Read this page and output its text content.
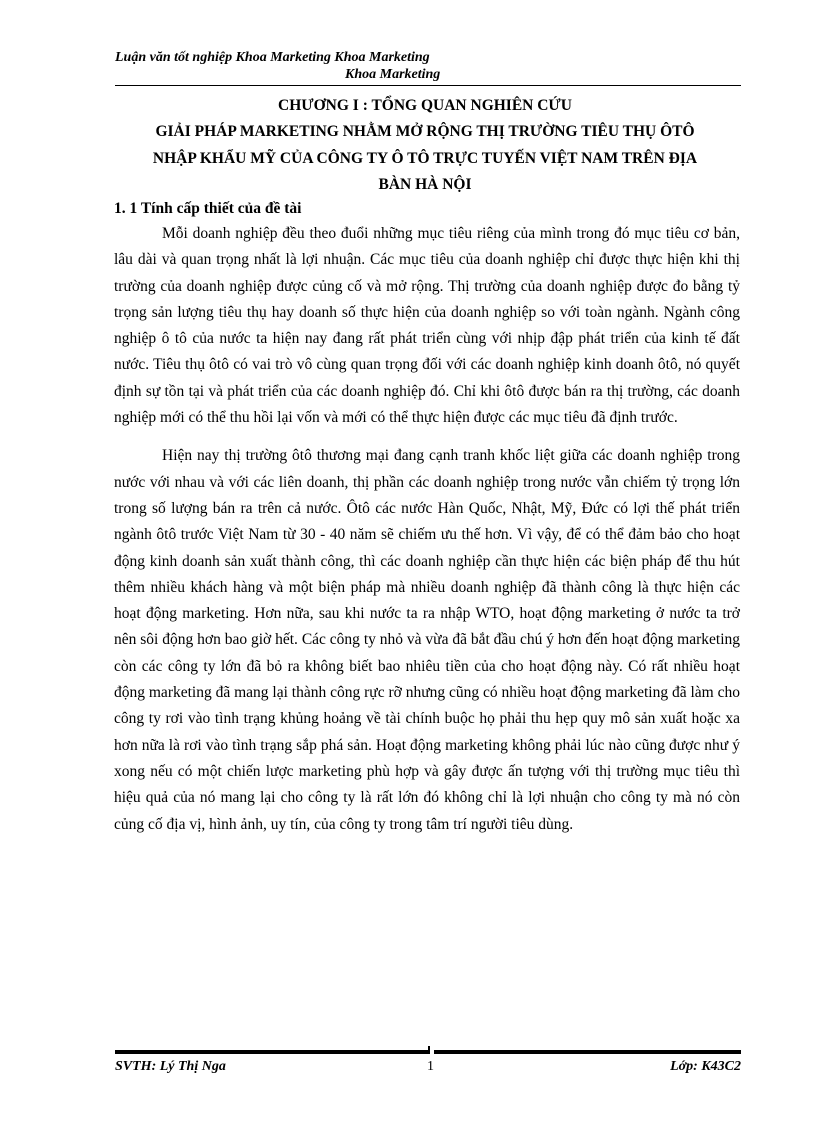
Luận văn tốt nghiệp Khoa Marketing Khoa Marketing
Khoa Marketing
CHƯƠNG I : TỔNG QUAN NGHIÊN CỨU
GIẢI PHÁP MARKETING NHẰM MỞ RỘNG THỊ TRƯỜNG TIÊU THỤ ÔTÔ
NHẬP KHẨU MỸ CỦA CÔNG TY Ô TÔ TRỰC TUYẾN VIỆT NAM TRÊN ĐỊA
BÀN HÀ NỘI
1. 1 Tính cấp thiết của đề tài

Mỗi doanh nghiệp đều theo đuổi những mục tiêu riêng của mình trong đó mục tiêu cơ bản, lâu dài và quan trọng nhất là lợi nhuận. Các mục tiêu của doanh nghiệp chỉ được thực hiện khi thị trường của doanh nghiệp được củng cố và mở rộng. Thị trường của doanh nghiệp được đo bằng tỷ trọng sản lượng tiêu thụ hay doanh số thực hiện của doanh nghiệp so với toàn ngành. Ngành công nghiệp ô tô của nước ta hiện nay đang rất phát triển cùng với nhịp đập phát triển của kinh tế đất nước. Tiêu thụ ôtô có vai trò vô cùng quan trọng đối với các doanh nghiệp kinh doanh ôtô, nó quyết định sự tồn tại và phát triển của các doanh nghiệp đó. Chỉ khi ôtô được bán ra thị trường, các doanh nghiệp mới có thể thu hồi lại vốn và mới có thể thực hiện được các mục tiêu đã định trước.

Hiện nay thị trường ôtô thương mại đang cạnh tranh khốc liệt giữa các doanh nghiệp trong nước với nhau và với các liên doanh, thị phần các doanh nghiệp trong nước vẫn chiếm tỷ trọng lớn trong số lượng bán ra trên cả nước. Ôtô các nước Hàn Quốc, Nhật, Mỹ, Đức có lợi thế phát triển ngành ôtô trước Việt Nam từ 30 - 40 năm sẽ chiếm ưu thế hơn. Vì vậy, để có thể đảm bảo cho hoạt động kinh doanh sản xuất thành công, thì các doanh nghiệp cần thực hiện các biện pháp để thu hút thêm nhiều khách hàng và một biện pháp mà nhiều doanh nghiệp đã thành công là thực hiện các hoạt động marketing. Hơn nữa, sau khi nước ta ra nhập WTO, hoạt động marketing ở nước ta trở nên sôi động hơn bao giờ hết. Các công ty nhỏ và vừa đã bắt đầu chú ý hơn đến hoạt động marketing còn các công ty lớn đã bỏ ra không biết bao nhiêu tiền của cho hoạt động này. Có rất nhiều hoạt động marketing đã mang lại thành công rực rỡ nhưng cũng có nhiều hoạt động marketing đã làm cho công ty rơi vào tình trạng khủng hoảng về tài chính buộc họ phải thu hẹp quy mô sản xuất hoặc xa hơn nữa là rơi vào tình trạng sắp phá sản. Hoạt động marketing không phải lúc nào cũng được như ý xong nếu có một chiến lược marketing phù hợp và gây được ấn tượng với thị trường mục tiêu thì hiệu quả của nó mang lại cho công ty là rất lớn đó không chỉ là lợi nhuận cho công ty mà nó còn củng cố địa vị, hình ảnh, uy tín, của công ty trong tâm trí người tiêu dùng.

SVTH: Lý Thị Nga	1	Lớp: K43C2
